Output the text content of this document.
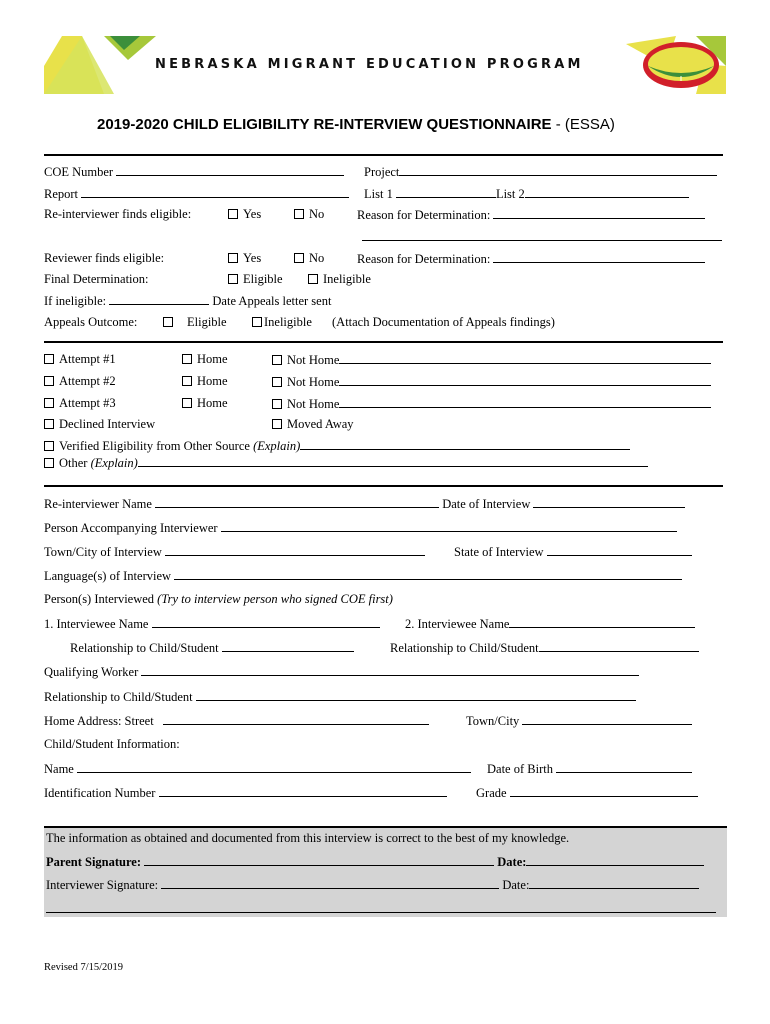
NEBRASKA MIGRANT EDUCATION PROGRAM
2019-2020 CHILD ELIGIBILITY RE-INTERVIEW QUESTIONNAIRE - (ESSA)
COE Number	Project
Report	List 1	List 2
Re-interviewer finds eligible:	Yes	No	Reason for Determination:
Reviewer finds eligible:	Yes	No	Reason for Determination:
Final Determination:	Eligible	Ineligible
If ineligible:	Date Appeals letter sent
Appeals Outcome:	Eligible	Ineligible (Attach Documentation of Appeals findings)
Attempt #1	Home	Not Home
Attempt #2	Home	Not Home
Attempt #3	Home	Not Home
Declined Interview	Moved Away
Verified Eligibility from Other Source (Explain)
Other (Explain)
Re-interviewer Name	Date of Interview
Person Accompanying Interviewer
Town/City of Interview	State of Interview
Language(s) of Interview
Person(s) Interviewed (Try to interview person who signed COE first)
1. Interviewee Name	2. Interviewee Name
Relationship to Child/Student	Relationship to Child/Student
Qualifying Worker
Relationship to Child/Student
Home Address: Street	Town/City
Child/Student Information:
Name	Date of Birth
Identification Number	Grade
The information as obtained and documented from this interview is correct to the best of my knowledge.
Parent Signature:	Date:
Interviewer Signature:	Date:
Revised 7/15/2019
